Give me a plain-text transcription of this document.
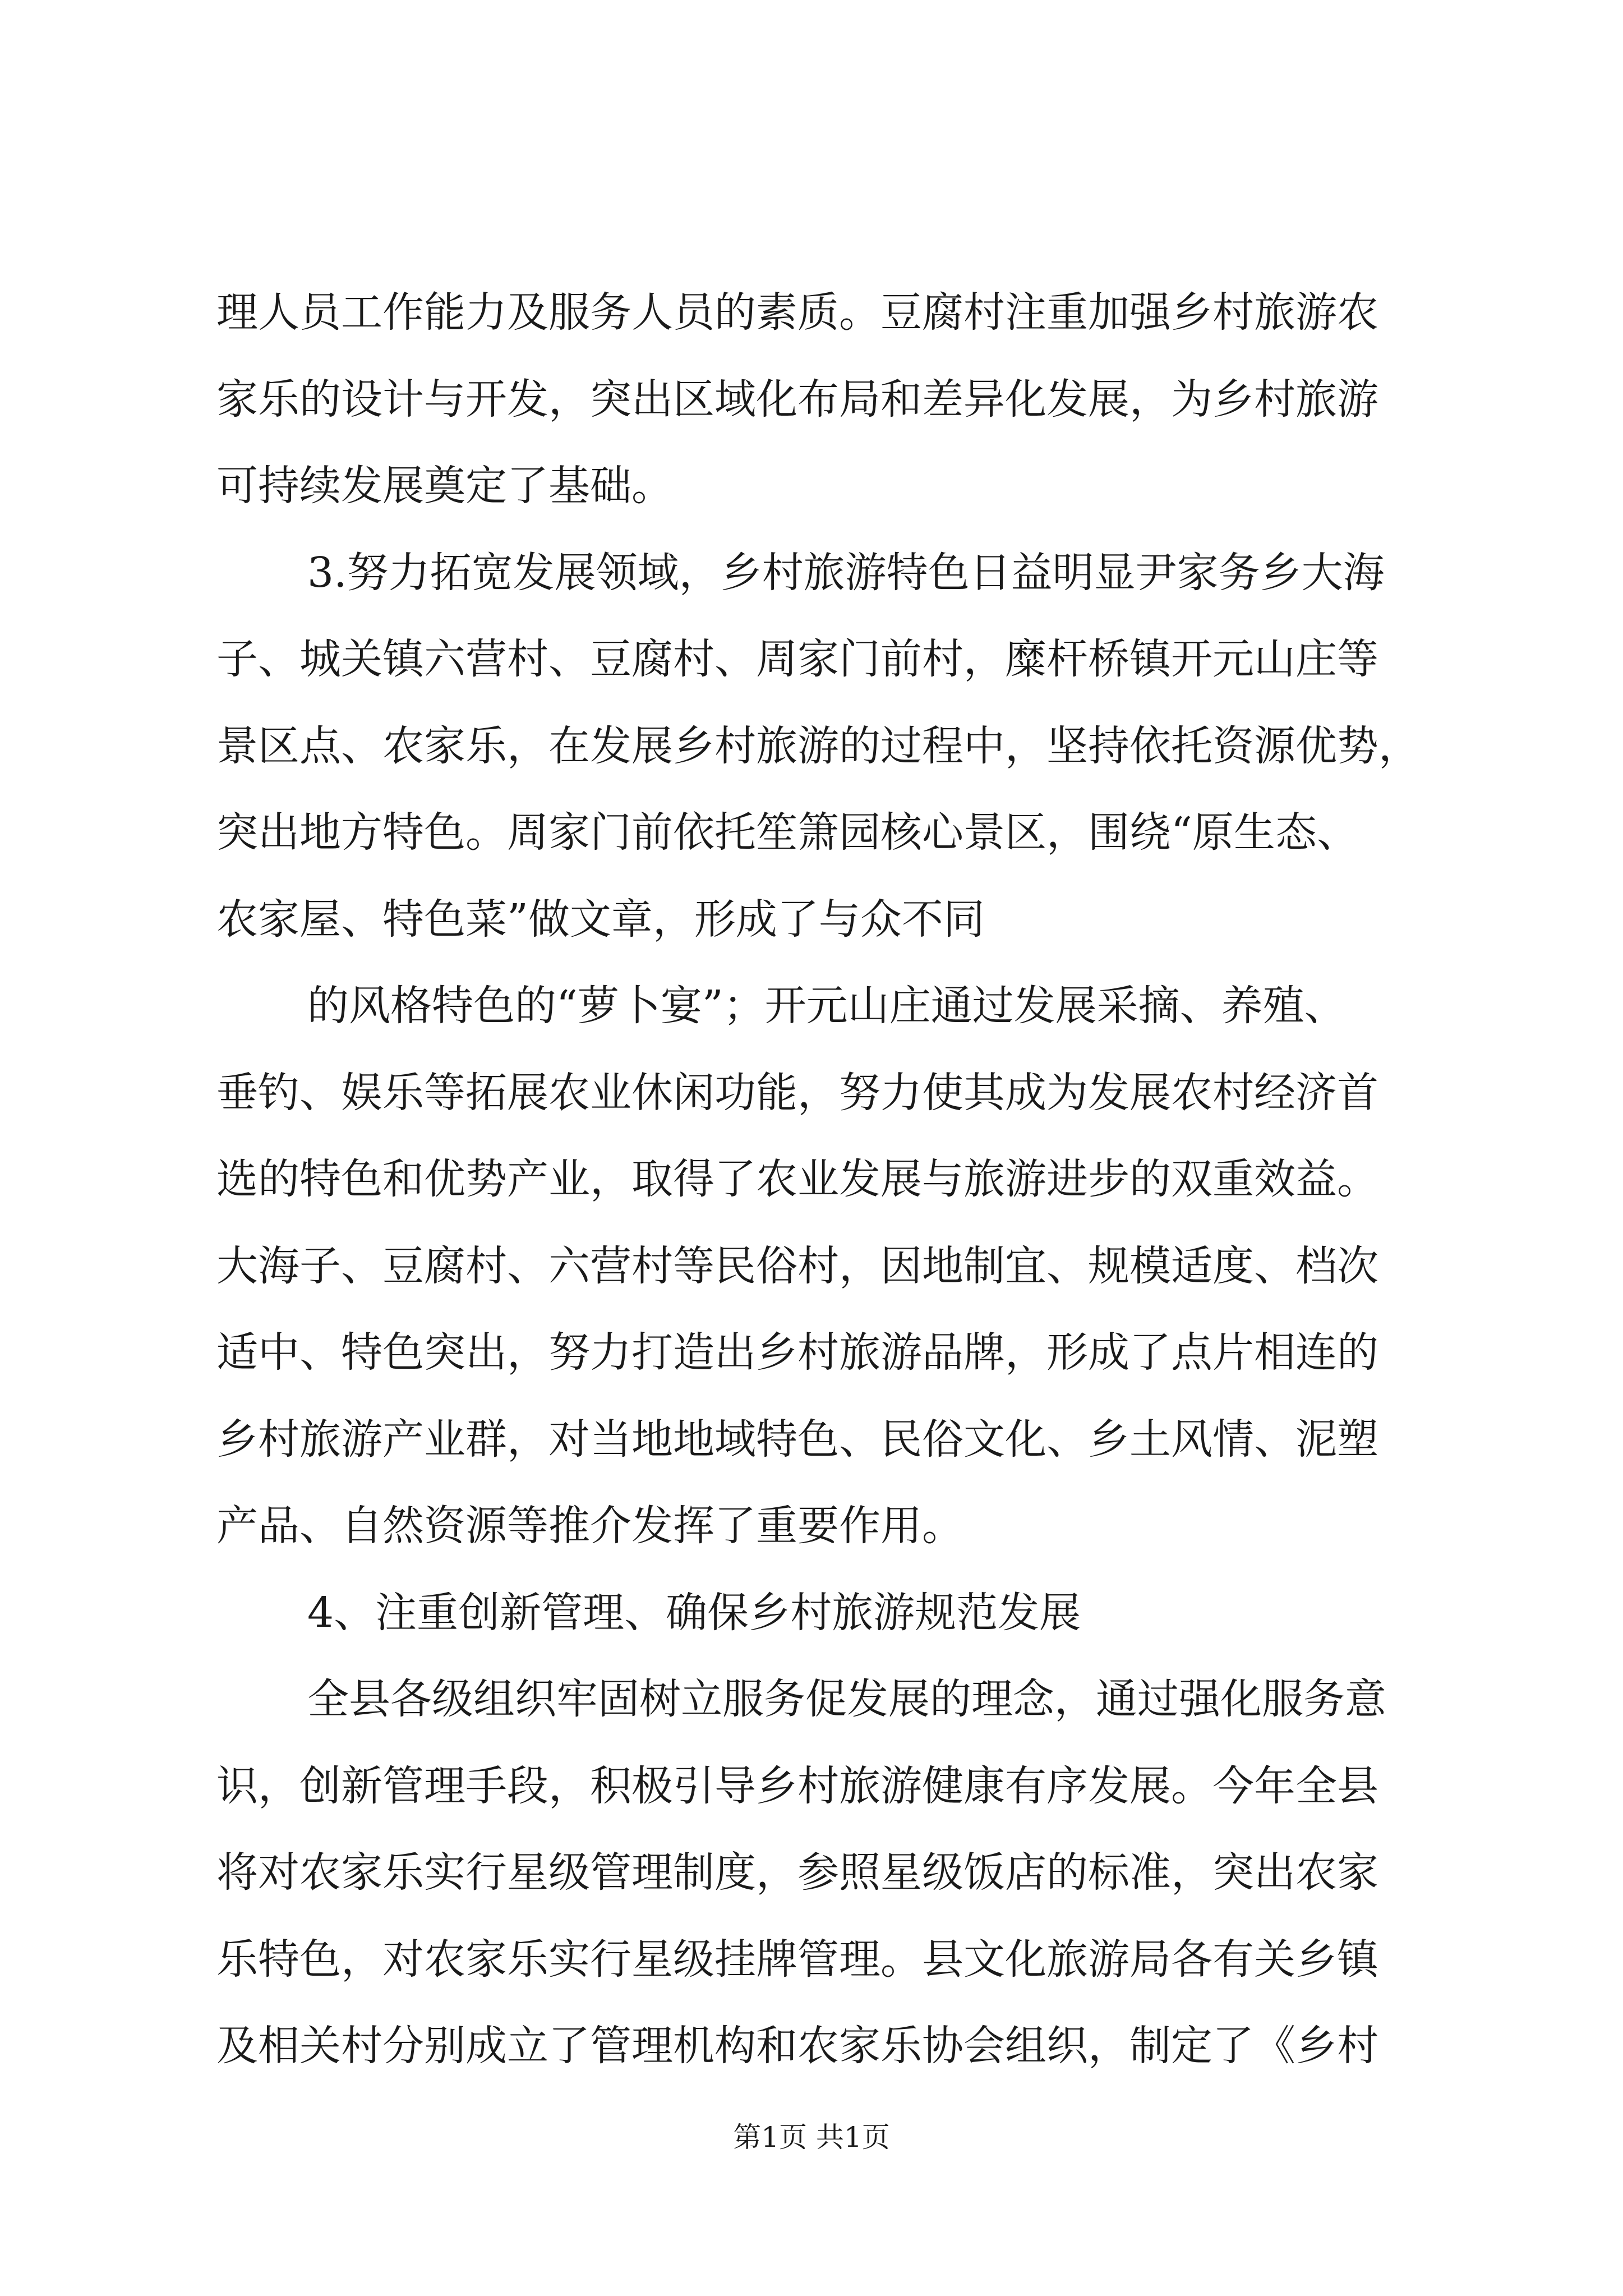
理人员工作能力及服务人员的素质。豆腐村注重加强乡村旅游农
家乐的设计与开发，突出区域化布局和差异化发展，为乡村旅游
可持续发展奠定了基础。
3.努力拓宽发展领域，乡村旅游特色日益明显尹家务乡大海
子、城关镇六营村、豆腐村、周家门前村，糜杆桥镇开元山庄等
景区点、农家乐，在发展乡村旅游的过程中，坚持依托资源优势，
突出地方特色。周家门前依托笙箫园核心景区，围绕“原生态、
农家屋、特色菜”做文章，形成了与众不同
的风格特色的“萝卜宴”；开元山庄通过发展采摘、养殖、
垂钓、娱乐等拓展农业休闲功能，努力使其成为发展农村经济首
选的特色和优势产业，取得了农业发展与旅游进步的双重效益。
大海子、豆腐村、六营村等民俗村，因地制宜、规模适度、档次
适中、特色突出，努力打造出乡村旅游品牌，形成了点片相连的
乡村旅游产业群，对当地地域特色、民俗文化、乡土风情、泥塑
产品、自然资源等推介发挥了重要作用。
4、注重创新管理、确保乡村旅游规范发展
全县各级组织牢固树立服务促发展的理念，通过强化服务意
识，创新管理手段，积极引导乡村旅游健康有序发展。今年全县
将对农家乐实行星级管理制度，参照星级饭店的标准，突出农家
乐特色，对农家乐实行星级挂牌管理。县文化旅游局各有关乡镇
第1页 共1页
及相关村分别成立了管理机构和农家乐协会组织，制定了《乡村
